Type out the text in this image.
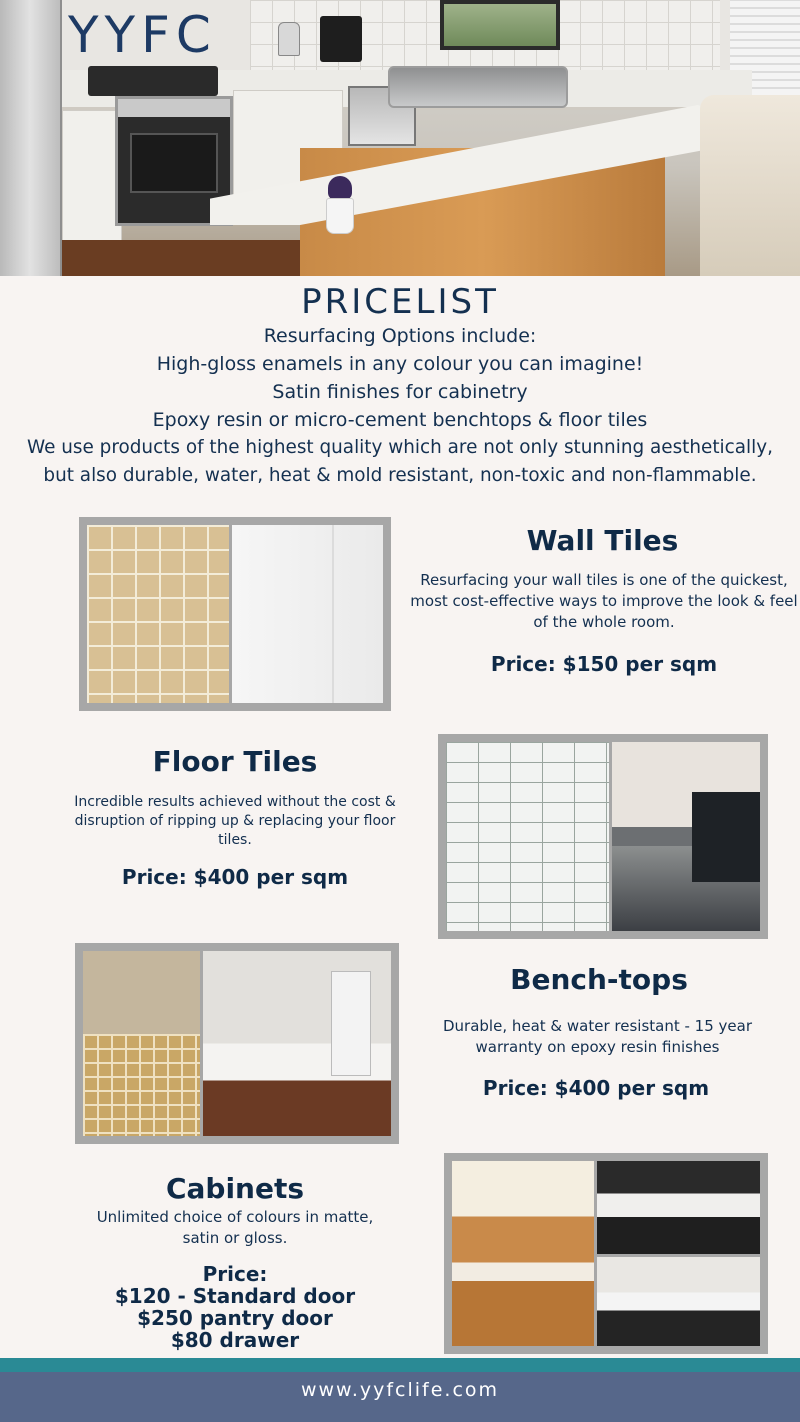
YYFC
PRICELIST

Resurfacing Options include:

High-gloss enamels in any colour you can imagine!

Satin finishes for cabinetry

Epoxy resin or micro-cement benchtops & floor tiles

We use products of the highest quality which are not only stunning aesthetically,

but also durable, water, heat & mold resistant, non-toxic and non-flammable.

Wall Tiles
Resurfacing your wall tiles is one of the quickest, most cost-effective ways to improve the look & feel of the whole room.
Price: $150 per sqm
Floor Tiles
Incredible results achieved without the cost & disruption of ripping up & replacing your floor tiles.
Price: $400 per sqm
Bench-tops
Durable, heat & water resistant - 15 year warranty on epoxy resin finishes
Price: $400 per sqm
Cabinets
Unlimited choice of colours in matte, satin or gloss.
Price:
$120 - Standard door
$250 pantry door
$80 drawer
www.yyfclife.com
